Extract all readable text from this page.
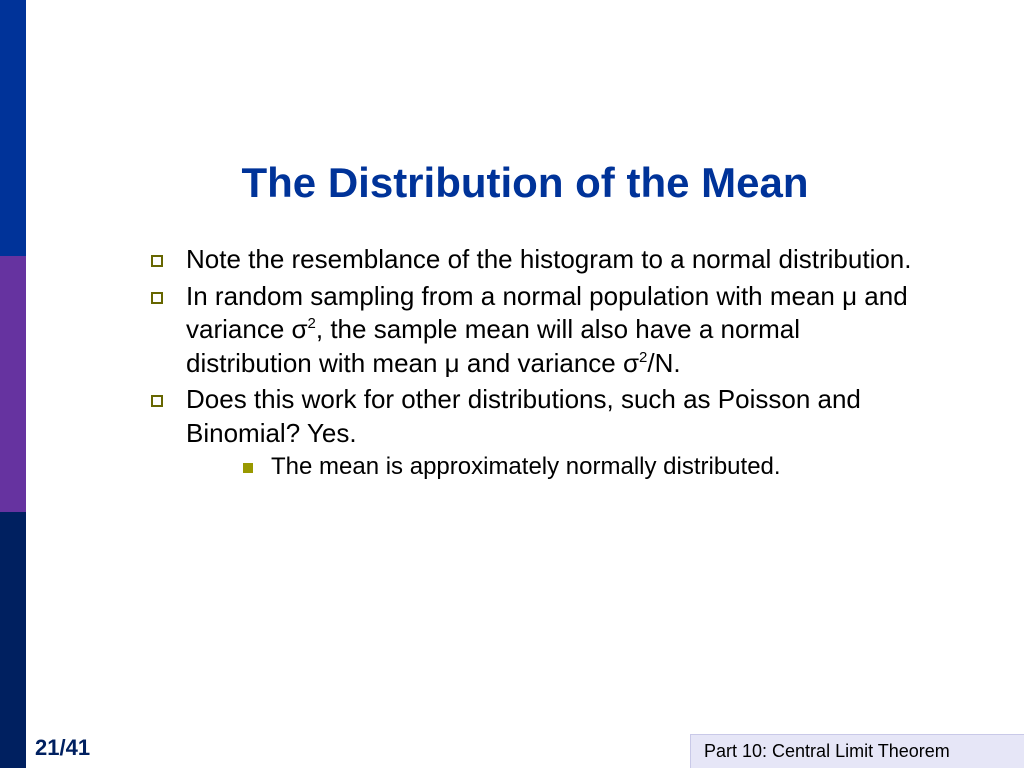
The Distribution of the Mean
Note the resemblance of the histogram to a normal distribution.
In random sampling from a normal population with mean μ and variance $\sigma^2$, the sample mean will also have a normal distribution with mean μ and variance $\sigma^2/N$.
Does this work for other distributions, such as Poisson and Binomial? Yes.
The mean is approximately normally distributed.
21/41	Part 10: Central Limit Theorem
